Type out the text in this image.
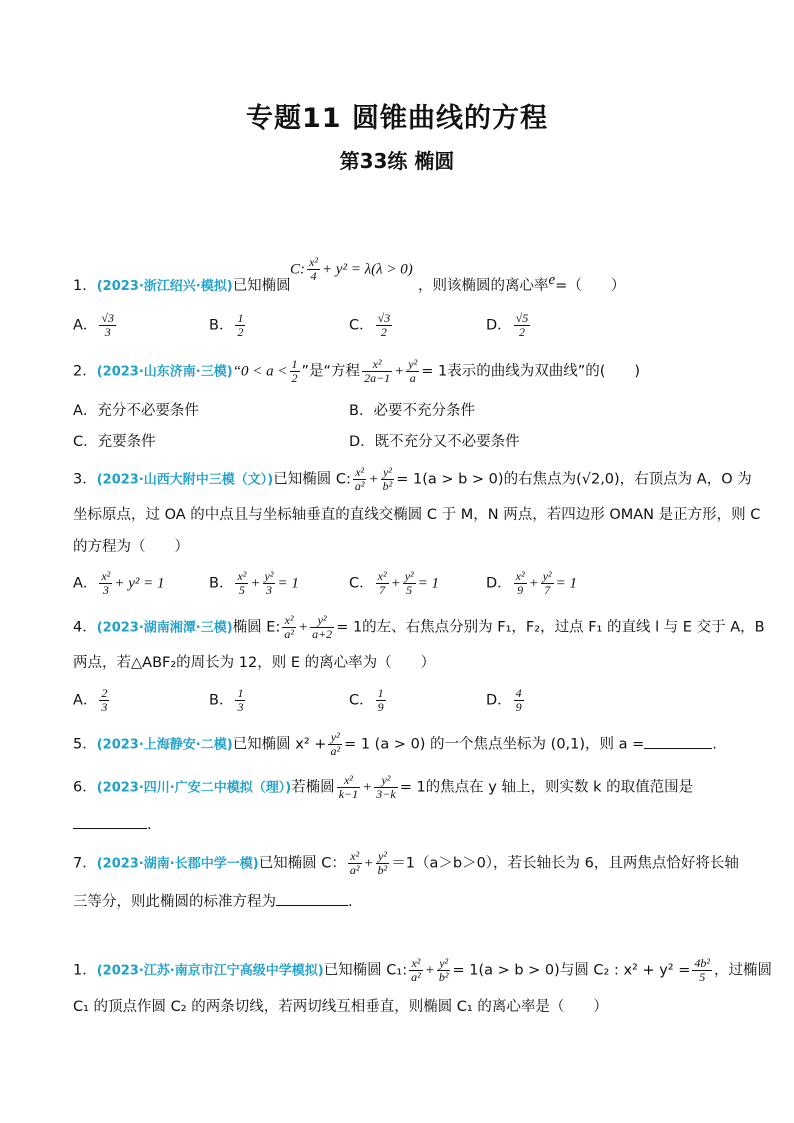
专题11 圆锥曲线的方程
第33练 椭圆
1．(2023·浙江绍兴·模拟)已知椭圆
C: $\frac{\text{x²}}{4} + y^2 = \lambda(\lambda > 0)$
，则该椭圆的离心率e=（　　）
A． $\frac{√3}{3}$	B． $\frac{1}{2}$	C． $\frac{√3}{2}$	D． $\frac{√5}{2}$
2．(2023·山东济南·三模)“0 < $a < \frac{1}{2}$ ”是“方程 $\frac{\text{x²}}{2a-1} + \frac{\text{y²}}{a} = 1$表示的曲线为双曲线”的(　　)
A．充分不必要条件	B．必要不充分条件
C．充要条件	D．既不充分又不必要条件
3．(2023·山西大附中三模（文）)已知椭圆 C: $\frac{\text{x²}}{\text{a²}} + \frac{\text{y²}}{\text{b²}} = 1(a > b > 0)$的右焦点为(√2,0)，右顶点为 A，O 为
坐标原点，过 OA 的中点且与坐标轴垂直的直线交椭圆 C 于 M，N 两点，若四边形 OMAN 是正方形，则 C
的方程为（　　）
A． $\frac{\text{x²}}{3} + y^2 = 1$	B． $\frac{\text{x²}}{5} + \frac{\text{y²}}{3} = 1$	C． $\frac{\text{x²}}{7} + \frac{\text{y²}}{5} = 1$	D． $\frac{\text{x²}}{9} + \frac{\text{y²}}{7} = 1$
4．(2023·湖南湘潭·三模)椭圆 E: $\frac{\text{x²}}{\text{a²}} + \frac{\text{y²}}{a+2} = 1$的左、右焦点分别为 F₁，F₂，过点 F₁ 的直线 l 与 E 交于 A，B
两点，若△ABF₂的周长为 12，则 E 的离心率为（　　）
A． $\frac{2}{3}$	B． $\frac{1}{3}$	C． $\frac{1}{9}$	D． $\frac{4}{9}$
5．(2023·上海静安·二模)已知椭圆 $x^2 + \frac{\text{y²}}{\text{a²}} = 1$ (a > 0) 的一个焦点坐标为 (0,1)，则 a =	.
6．(2023·四川·广安二中模拟（理）)若椭圆 $\frac{\text{x²}}{k-1} + \frac{\text{y²}}{3-k} = 1$的焦点在 y 轴上，则实数 k 的取值范围是
.
7．(2023·湖南·长郡中学一模)已知椭圆 C： $\frac{\text{x²}}{\text{a²}} + \frac{\text{y²}}{\text{b²}} =1(a>b>0)$，若长轴长为 6，且两焦点恰好将长轴
三等分，则此椭圆的标准方程为	.
1．(2023·江苏·南京市江宁高级中学模拟)已知椭圆 C₁: $\frac{\text{x²}}{\text{a²}} + \frac{\text{y²}}{\text{b²}} = 1(a > b > 0)$与圆 C₂ : $x^2 + y^2 = \frac{\text{4b²}}{5}$ ，过椭圆
C₁ 的顶点作圆 C₂ 的两条切线，若两切线互相垂直，则椭圆 C₁ 的离心率是（　　）
